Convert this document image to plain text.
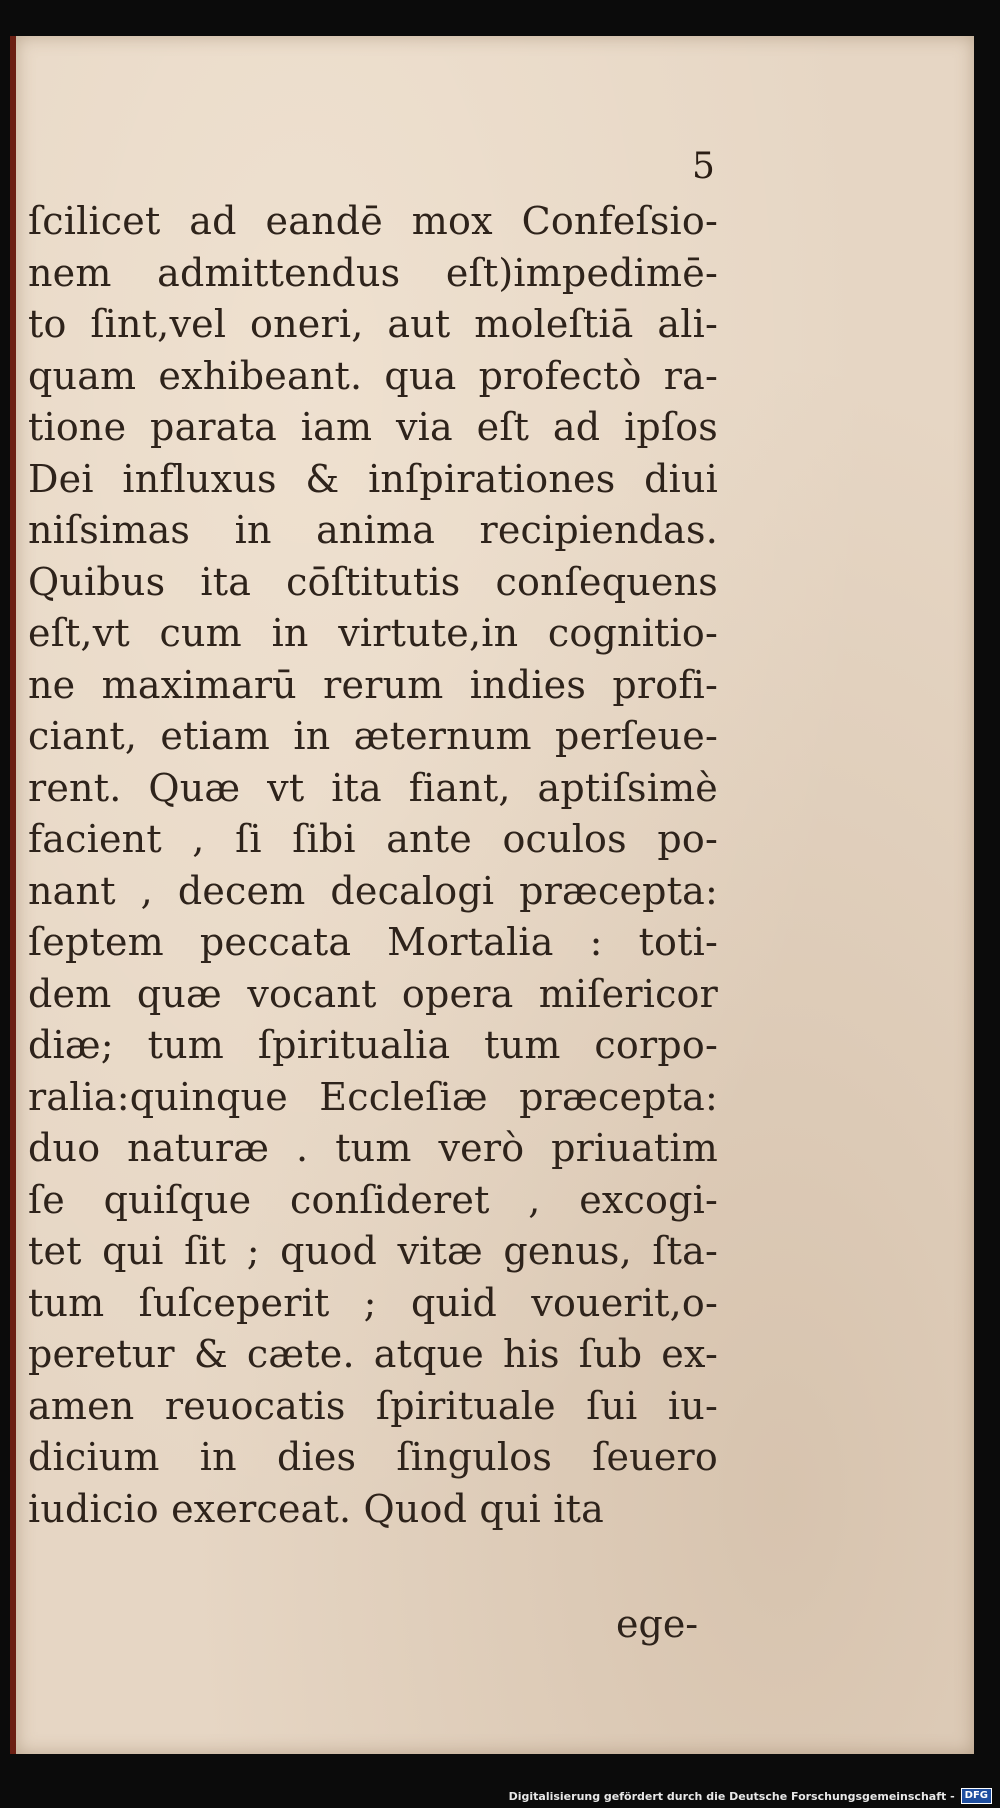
5

ſcilicet ad eandē mox Confeſsio-
nem admittendus eſt)impedimē-
to ſint,vel oneri, aut moleſtiā ali-
quam exhibeant. qua profectò ra-
tione parata iam via eſt ad ipſos
Dei influxus & inſpirationes diui
niſsimas in anima recipiendas.
Quibus ita cōſtitutis conſequens
eſt,vt cum in virtute,in cognitio-
ne maximarū rerum indies profi-
ciant, etiam in æternum perſeue-
rent. Quæ vt ita fiant, aptiſsimè
facient , ſi ſibi ante oculos po-
nant , decem decalogi præcepta:
ſeptem peccata Mortalia : toti-
dem quæ vocant opera miſericor
diæ; tum ſpiritualia tum corpo-
ralia:quinque Eccleſiæ præcepta:
duo naturæ . tum verò priuatim
ſe quiſque conſideret , excogi-
tet qui ſit ; quod vitæ genus, ſta-
tum ſuſceperit ; quid vouerit,o-
peretur & cæte. atque his ſub ex-
amen reuocatis ſpirituale ſui iu-
dicium in dies ſingulos ſeuero
iudicio exerceat. Quod qui ita

ege-

Digitalisierung gefördert durch die Deutsche Forschungsgemeinschaft -	DFG
